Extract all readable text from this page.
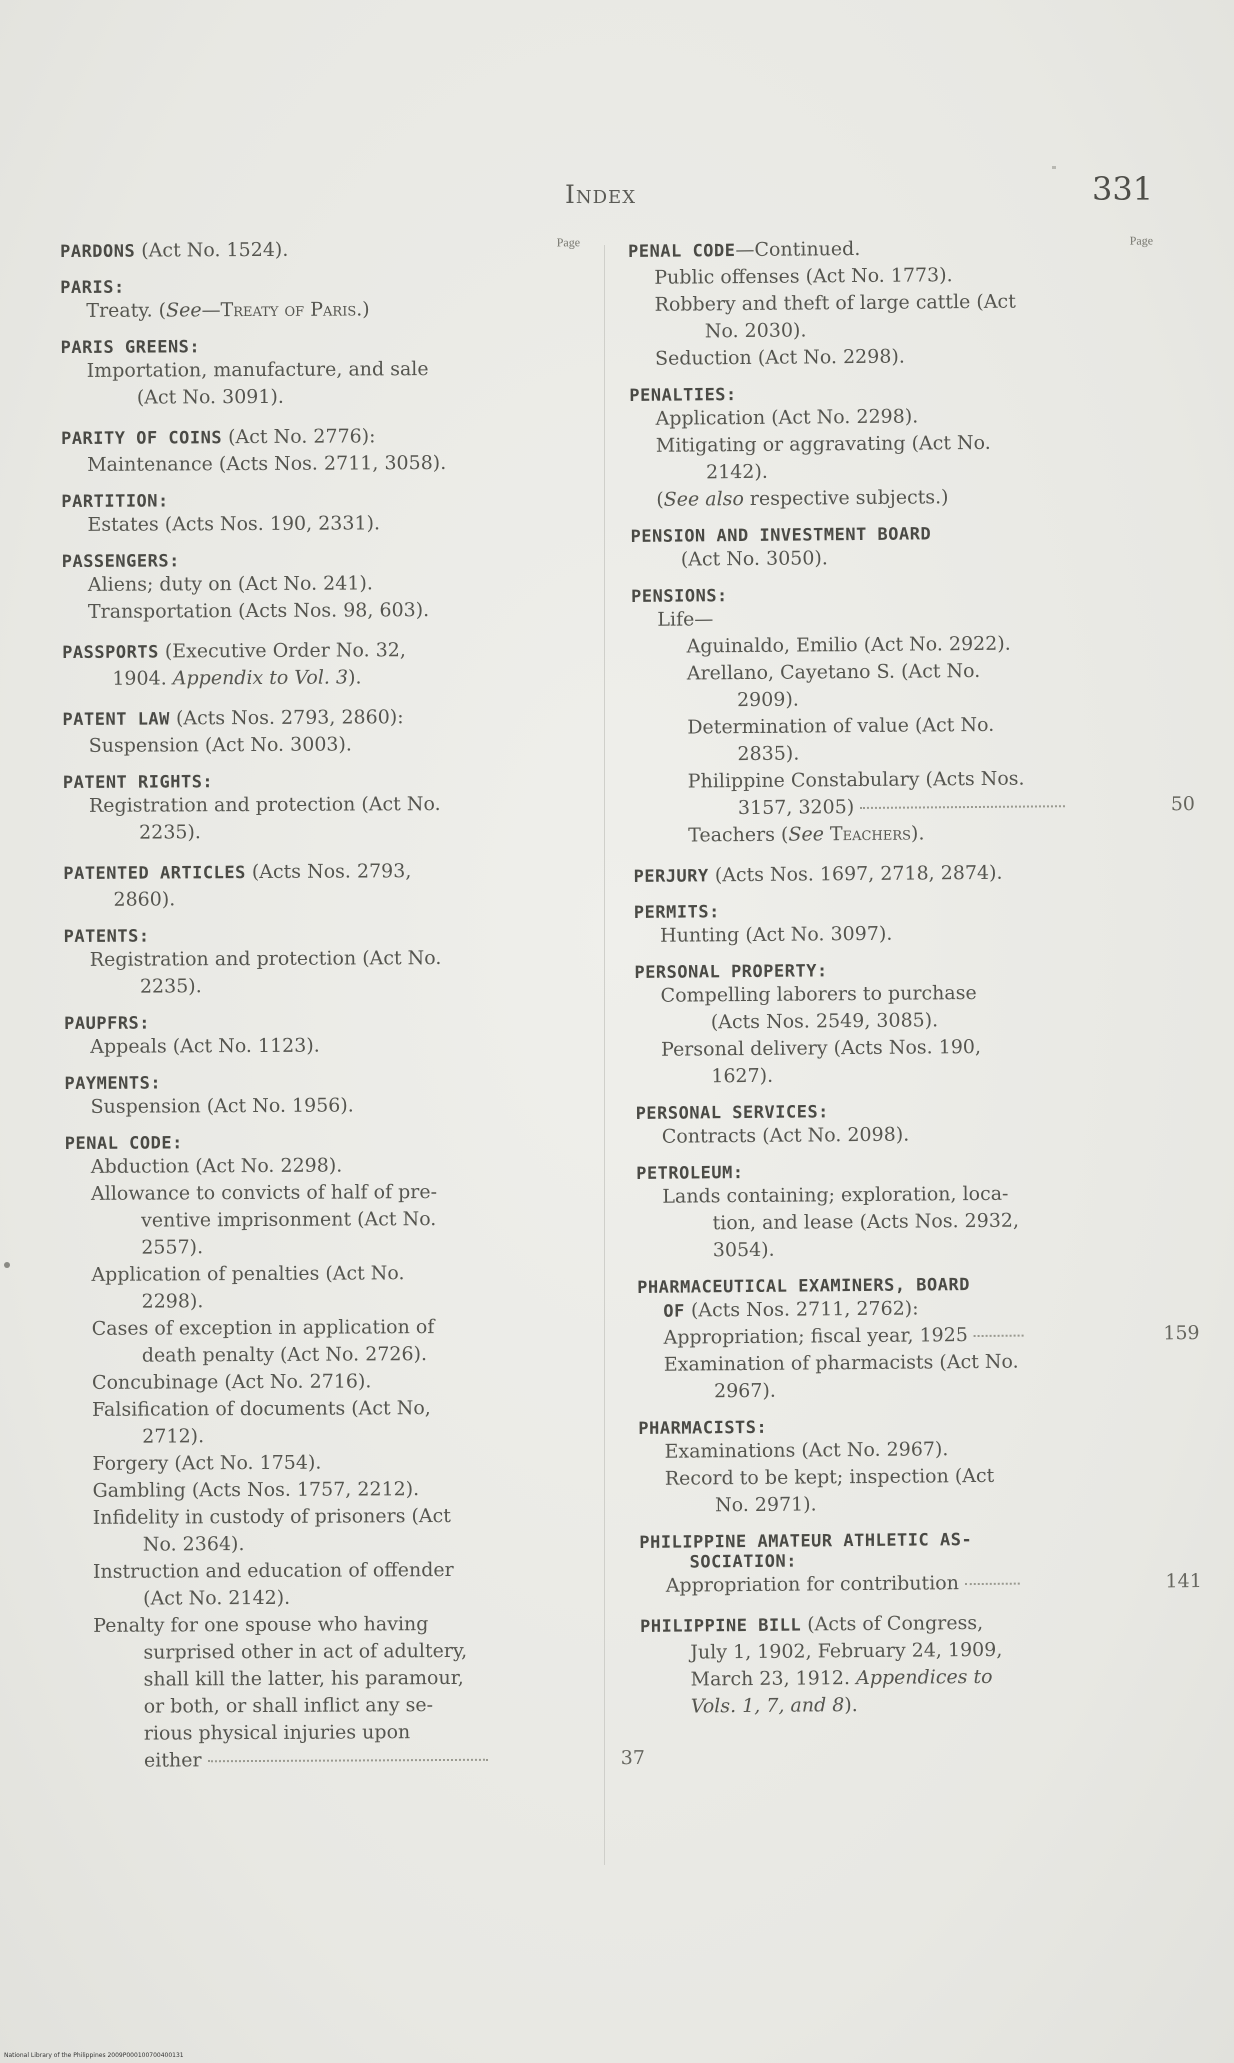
Index	331
Page
PARDONS (Act No. 1524).
PARIS:
Treaty. (See—Treaty of Paris.)
PARIS GREENS:
Importation, manufacture, and sale
(Act No. 3091).
PARITY OF COINS (Act No. 2776):
Maintenance (Acts Nos. 2711, 3058).
PARTITION:
Estates (Acts Nos. 190, 2331).
PASSENGERS:
Aliens; duty on (Act No. 241).
Transportation (Acts Nos. 98, 603).
PASSPORTS (Executive Order No. 32,
1904. Appendix to Vol. 3).
PATENT LAW (Acts Nos. 2793, 2860):
Suspension (Act No. 3003).
PATENT RIGHTS:
Registration and protection (Act No.
2235).
PATENTED ARTICLES (Acts Nos. 2793,
2860).
PATENTS:
Registration and protection (Act No.
2235).
PAUPFRS:
Appeals (Act No. 1123).
PAYMENTS:
Suspension (Act No. 1956).
PENAL CODE:
Abduction (Act No. 2298).
Allowance to convicts of half of pre-
ventive imprisonment (Act No.
2557).
Application of penalties (Act No.
2298).
Cases of exception in application of
death penalty (Act No. 2726).
Concubinage (Act No. 2716).
Falsification of documents (Act No,
2712).
Forgery (Act No. 1754).
Gambling (Acts Nos. 1757, 2212).
Infidelity in custody of prisoners (Act
No. 2364).
Instruction and education of offender
(Act No. 2142).
Penalty for one spouse who having
surprised other in act of adultery,
shall kill the latter, his paramour,
or both, or shall inflict any se-
rious physical injuries upon
either	37
Page
PENAL CODE—Continued.
Public offenses (Act No. 1773).
Robbery and theft of large cattle (Act
No. 2030).
Seduction (Act No. 2298).
PENALTIES:
Application (Act No. 2298).
Mitigating or aggravating (Act No.
2142).
(See also respective subjects.)
PENSION AND INVESTMENT BOARD
(Act No. 3050).
PENSIONS:
Life—
Aguinaldo, Emilio (Act No. 2922).
Arellano, Cayetano S. (Act No.
2909).
Determination of value (Act No.
2835).
Philippine Constabulary (Acts Nos.
3157, 3205)	50
Teachers (See Teachers).
PERJURY (Acts Nos. 1697, 2718, 2874).
PERMITS:
Hunting (Act No. 3097).
PERSONAL PROPERTY:
Compelling laborers to purchase
(Acts Nos. 2549, 3085).
Personal delivery (Acts Nos. 190,
1627).
PERSONAL SERVICES:
Contracts (Act No. 2098).
PETROLEUM:
Lands containing; exploration, loca-
tion, and lease (Acts Nos. 2932,
3054).
PHARMACEUTICAL EXAMINERS, BOARD
OF (Acts Nos. 2711, 2762):
Appropriation; fiscal year, 1925	159
Examination of pharmacists (Act No.
2967).
PHARMACISTS:
Examinations (Act No. 2967).
Record to be kept; inspection (Act
No. 2971).
PHILIPPINE AMATEUR ATHLETIC AS-
SOCIATION:
Appropriation for contribution	141
PHILIPPINE BILL (Acts of Congress,
July 1, 1902, February 24, 1909,
March 23, 1912. Appendices to
Vols. 1, 7, and 8).
National Library of the Philippines 2009P000100700400131
